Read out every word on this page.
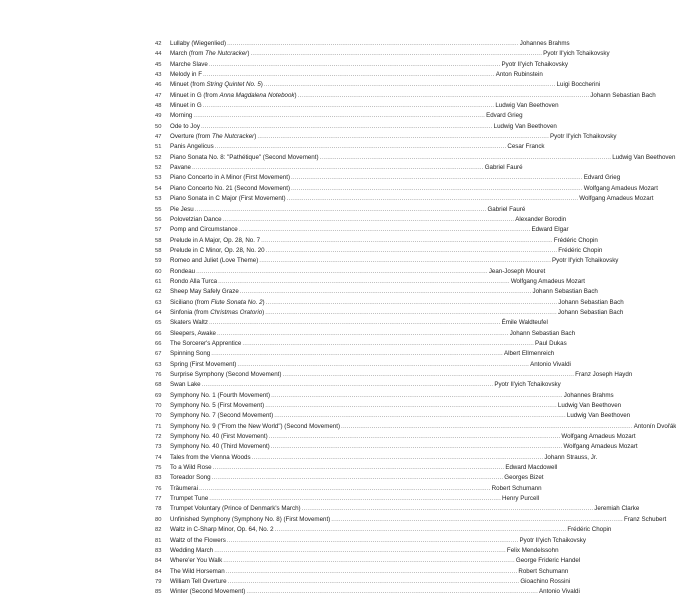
42	Lullaby (Wiegenlied) .....	Johannes Brahms
44	March (from The Nutcracker) .....	Pyotr Il'yich Tchaikovsky
45	Marche Slave .....	Pyotr Il'yich Tchaikovsky
43	Melody in F .....	Anton Rubinstein
46	Minuet (from String Quintet No. 5) .....	Luigi Boccherini
47	Minuet in G (from Anna Magdalena Notebook) .....	Johann Sebastian Bach
48	Minuet in G .....	Ludwig Van Beethoven
49	Morning .....	Edvard Grieg
50	Ode to Joy .....	Ludwig Van Beethoven
47	Overture (from The Nutcracker) .....	Pyotr Il'yich Tchaikovsky
51	Panis Angelicus .....	Cesar Franck
52	Piano Sonata No. 8: "Pathétique" (Second Movement) .....	Ludwig Van Beethoven
52	Pavane .....	Gabriel Fauré
53	Piano Concerto in A Minor (First Movement) .....	Edvard Grieg
54	Piano Concerto No. 21 (Second Movement) .....	Wolfgang Amadeus Mozart
53	Piano Sonata in C Major (First Movement) .....	Wolfgang Amadeus Mozart
55	Pie Jesu .....	Gabriel Fauré
56	Polovetzian Dance .....	Alexander Borodin
57	Pomp and Circumstance .....	Edward Elgar
58	Prelude in A Major, Op. 28, No. 7 .....	Frédéric Chopin
58	Prelude in C Minor, Op. 28, No. 20 .....	Frédéric Chopin
59	Romeo and Juliet (Love Theme) .....	Pyotr Il'yich Tchaikovsky
60	Rondeau .....	Jean-Joseph Mouret
61	Rondo Alla Turca .....	Wolfgang Amadeus Mozart
62	Sheep May Safely Graze .....	Johann Sebastian Bach
63	Siciliano (from Flute Sonata No. 2) .....	Johann Sebastian Bach
64	Sinfonia (from Christmas Oratorio) .....	Johann Sebastian Bach
65	Skaters Waltz .....	Émile Waldteufel
66	Sleepers, Awake .....	Johann Sebastian Bach
66	The Sorcerer's Apprentice .....	Paul Dukas
67	Spinning Song .....	Albert Ellmenreich
63	Spring (First Movement) .....	Antonio Vivaldi
76	Surprise Symphony (Second Movement) .....	Franz Joseph Haydn
68	Swan Lake .....	Pyotr Il'yich Tchaikovsky
69	Symphony No. 1 (Fourth Movement) .....	Johannes Brahms
70	Symphony No. 5 (First Movement) .....	Ludwig Van Beethoven
70	Symphony No. 7 (Second Movement) .....	Ludwig Van Beethoven
71	Symphony No. 9 ("From the New World") (Second Movement) .....	Antonín Dvořák
72	Symphony No. 40 (First Movement) .....	Wolfgang Amadeus Mozart
73	Symphony No. 40 (Third Movement) .....	Wolfgang Amadeus Mozart
74	Tales from the Vienna Woods .....	Johann Strauss, Jr.
75	To a Wild Rose .....	Edward Macdowell
83	Toreador Song .....	Georges Bizet
76	Träumerai .....	Robert Schumann
77	Trumpet Tune .....	Henry Purcell
78	Trumpet Voluntary (Prince of Denmark's March) .....	Jeremiah Clarke
80	Unfinished Symphony (Symphony No. 8) (First Movement) .....	Franz Schubert
82	Waltz in C-Sharp Minor, Op. 64, No. 2 .....	Frédéric Chopin
81	Waltz of the Flowers .....	Pyotr Il'yich Tchaikovsky
83	Wedding March .....	Felix Mendelssohn
84	Where'er You Walk .....	George Frideric Handel
84	The Wild Horseman .....	Robert Schumann
79	William Tell Overture .....	Gioachino Rossini
85	Winter (Second Movement) .....	Antonio Vivaldi
